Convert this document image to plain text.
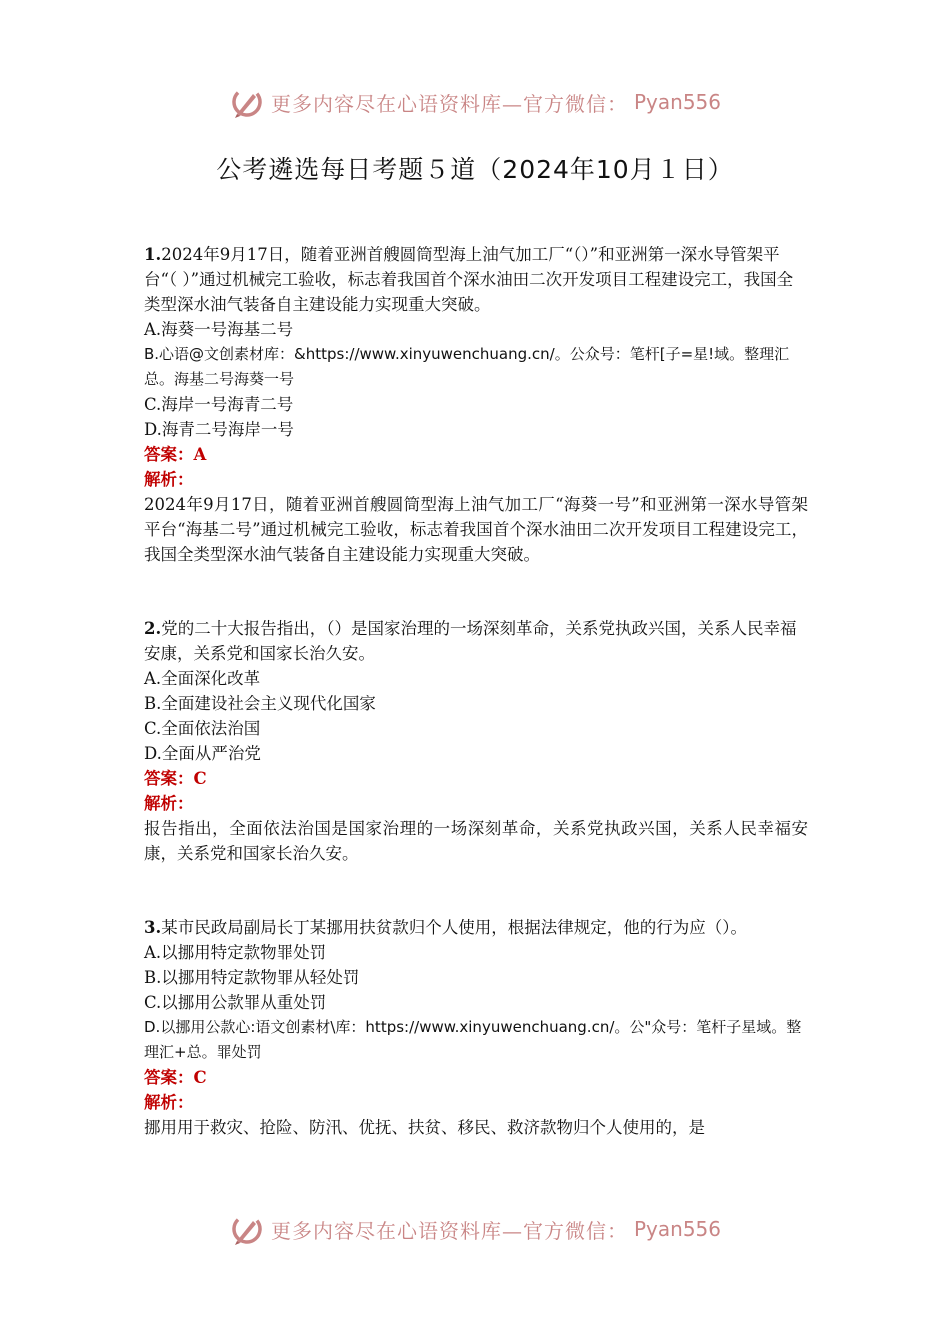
更多内容尽在心语资料库—官方微信： Pyan556
公考遴选每日考题５道（2024年10月１日）
1.2024年9月17日，随着亚洲首艘圆筒型海上油气加工厂“（）”和亚洲第一深水导管架平台“（ ）”通过机械完工验收，标志着我国首个深水油田二次开发项目工程建设完工，我国全类型深水油气装备自主建设能力实现重大突破。
A.海葵一号海基二号
B.心语@文创素材库：&https://www.xinyuwenchuang.cn/。公众号：笔杆[子=星!域。整理汇总。海基二号海葵一号
C.海岸一号海青二号
D.海青二号海岸一号
答案：A
解析：
2024年9月17日，随着亚洲首艘圆筒型海上油气加工厂“海葵一号”和亚洲第一深水导管架平台“海基二号”通过机械完工验收，标志着我国首个深水油田二次开发项目工程建设完工，我国全类型深水油气装备自主建设能力实现重大突破。
2.党的二十大报告指出，（）是国家治理的一场深刻革命，关系党执政兴国，关系人民幸福安康，关系党和国家长治久安。
A.全面深化改革
B.全面建设社会主义现代化国家
C.全面依法治国
D.全面从严治党
答案：C
解析：
报告指出，全面依法治国是国家治理的一场深刻革命，关系党执政兴国，关系人民幸福安康，关系党和国家长治久安。
3.某市民政局副局长丁某挪用扶贫款归个人使用，根据法律规定，他的行为应（）。
A.以挪用特定款物罪处罚
B.以挪用特定款物罪从轻处罚
C.以挪用公款罪从重处罚
D.以挪用公款心:语文创素材\库：https://www.xinyuwenchuang.cn/。公"众号：笔杆子星域。整理汇+总。罪处罚
答案：C
解析：
挪用用于救灾、抢险、防汛、优抚、扶贫、移民、救济款物归个人使用的，是
更多内容尽在心语资料库—官方微信： Pyan556
